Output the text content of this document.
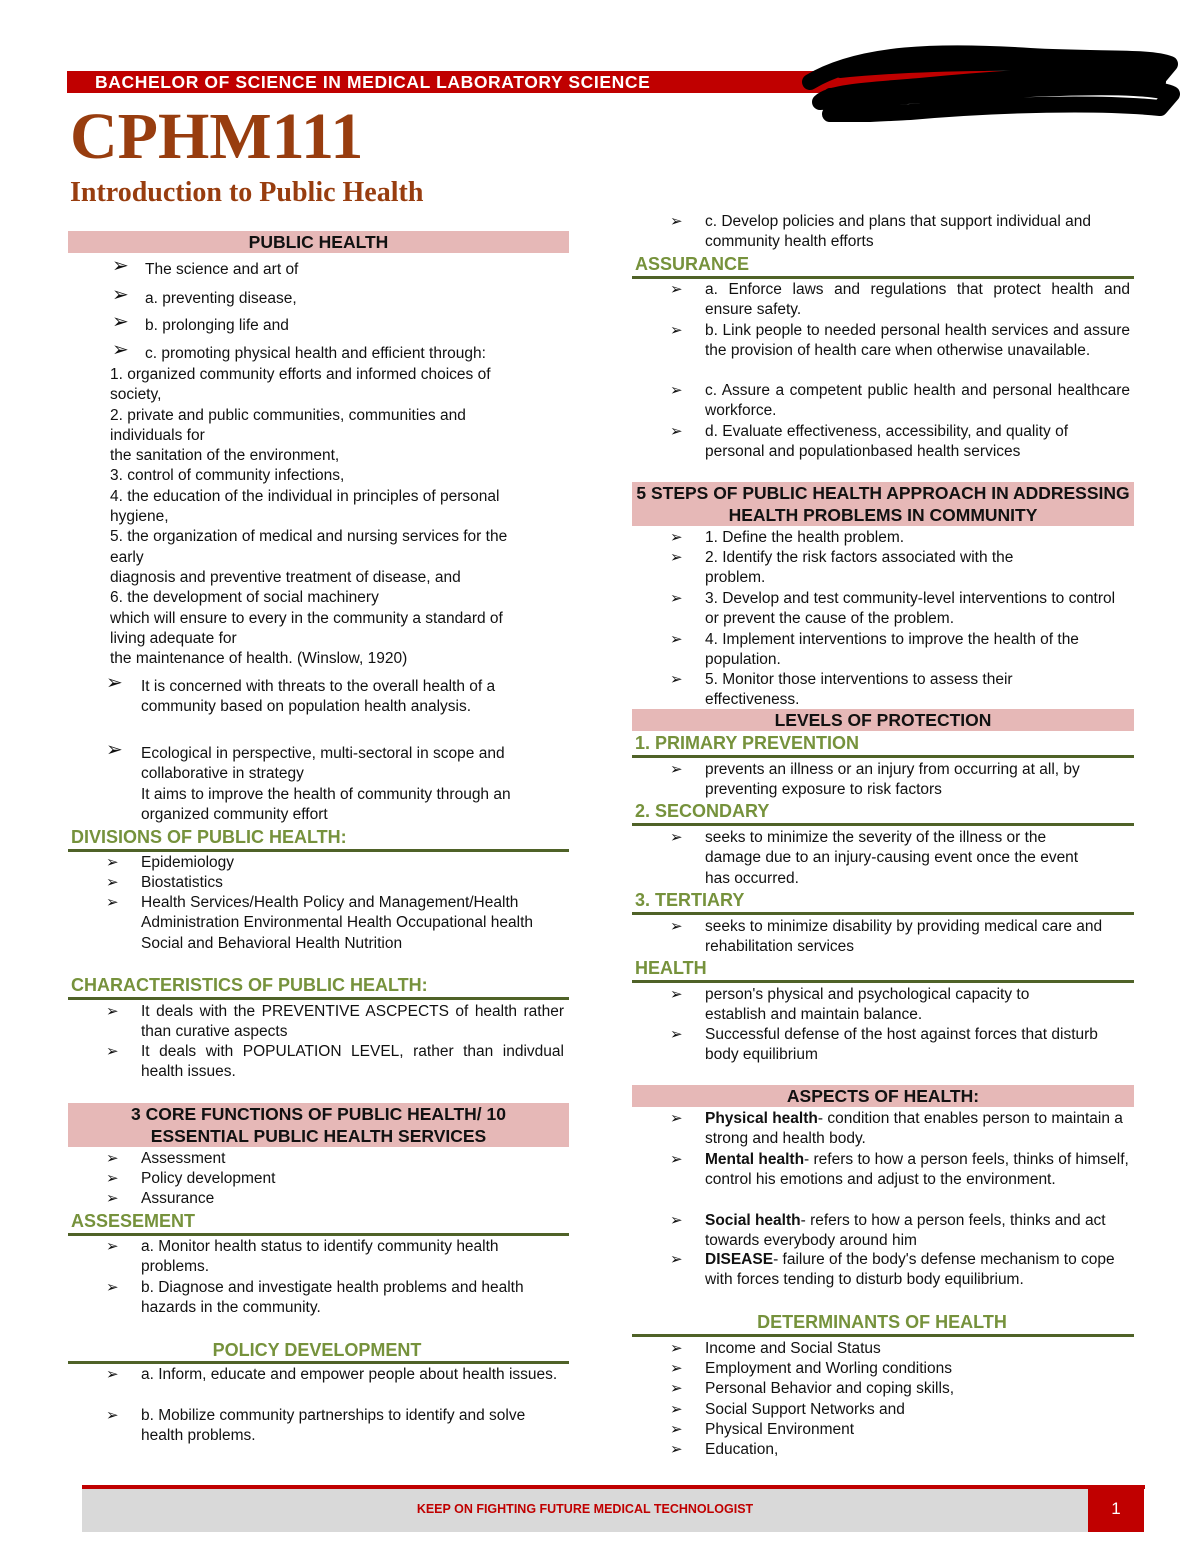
BACHELOR OF SCIENCE IN MEDICAL LABORATORY SCIENCE
CPHM111
Introduction to Public Health
PUBLIC HEALTH
➢	The science and art of
➢	a. preventing disease,
➢	b. prolonging life and
➢	c. promoting physical health and efficient through:
1. organized community efforts and informed choices of
society,
2. private and public communities, communities and
individuals for
the sanitation of the environment,
3. control of community infections,
4. the education of the individual in principles of personal
hygiene,
5. the organization of medical and nursing services for the
early
diagnosis and preventive treatment of disease, and
6. the development of social machinery
which will ensure to every in the community a standard of
living adequate for
the maintenance of health. (Winslow, 1920)
➢	It is concerned with threats to the overall health of a community based on population health analysis.
➢	Ecological in perspective, multi-sectoral in scope and collaborative in strategy
It aims to improve the health of community through an organized community effort
DIVISIONS OF PUBLIC HEALTH:
➢	Epidemiology
➢	Biostatistics
➢	Health Services/Health Policy and Management/Health Administration Environmental Health Occupational health Social and Behavioral Health Nutrition
CHARACTERISTICS OF PUBLIC HEALTH:
➢	It deals with the PREVENTIVE ASCPECTS of health rather than curative aspects
➢	It deals with POPULATION LEVEL, rather than indivdual health issues.
3 CORE FUNCTIONS OF PUBLIC HEALTH/ 10 ESSENTIAL PUBLIC HEALTH SERVICES
➢	Assessment
➢	Policy development
➢	Assurance
ASSESEMENT
➢	a. Monitor health status to identify community health problems.
➢	b. Diagnose and investigate health problems and health hazards in the community.
POLICY DEVELOPMENT
➢	a. Inform, educate and empower people about health issues.
➢	b. Mobilize community partnerships to identify and solve health problems.
➢	c. Develop policies and plans that support individual and community health efforts
ASSURANCE
➢	a. Enforce laws and regulations that protect health and ensure safety.
➢	b. Link people to needed personal health services and assure the provision of health care when otherwise unavailable.
➢	c. Assure a competent public health and personal healthcare workforce.
➢	d. Evaluate effectiveness, accessibility, and quality of personal and populationbased health services
5 STEPS OF PUBLIC HEALTH APPROACH IN ADDRESSING HEALTH PROBLEMS IN COMMUNITY
➢	1. Define the health problem.
➢	2. Identify the risk factors associated with the problem.
➢	3. Develop and test community-level interventions to control or prevent the cause of the problem.
➢	4. Implement interventions to improve the health of the population.
➢	5. Monitor those interventions to assess their effectiveness.
LEVELS OF PROTECTION
1. PRIMARY PREVENTION
➢	prevents an illness or an injury from occurring at all, by preventing exposure to risk factors
2. SECONDARY
➢	seeks to minimize the severity of the illness or the damage due to an injury-causing event once the event has occurred.
3. TERTIARY
➢	seeks to minimize disability by providing medical care and rehabilitation services
HEALTH
➢	person's physical and psychological capacity to establish and maintain balance.
➢	Successful defense of the host against forces that disturb body equilibrium
ASPECTS OF HEALTH:
➢	Physical health- condition that enables person to maintain a strong and health body.
➢	Mental health- refers to how a person feels, thinks of himself, control his emotions and adjust to the environment.
➢	Social health- refers to how a person feels, thinks and act towards everybody around him
➢	DISEASE- failure of the body's defense mechanism to cope with forces tending to disturb body equilibrium.
DETERMINANTS OF HEALTH
➢	Income and Social Status
➢	Employment and Worling conditions
➢	Personal Behavior and coping skills,
➢	Social Support Networks and
➢	Physical Environment
➢	Education,
KEEP ON FIGHTING FUTURE MEDICAL TECHNOLOGIST	1
